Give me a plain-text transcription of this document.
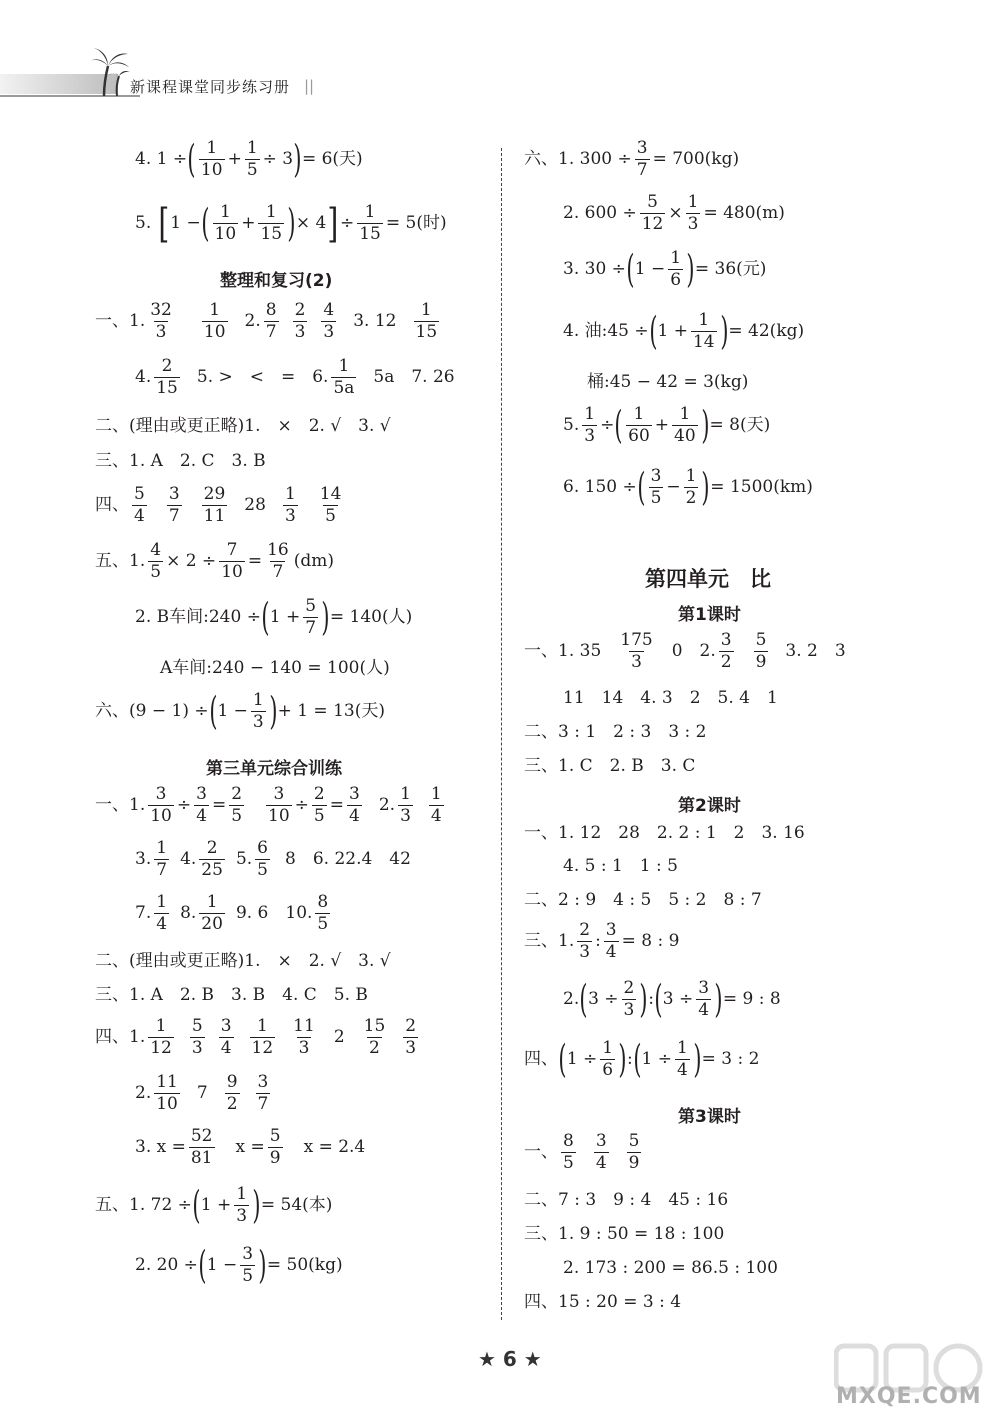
新课程课堂同步练习册 ||
4. 1 ÷ ( $\frac{1}{10} + \frac{1}{5} \div 3$ ) = 6(天)
5.
[ 1 − ( $\frac{1}{10} + \frac{1}{15}$ ) × 4 ] ÷ $\frac{1}{15} = 5$(时)
整理和复习(2)
一、1. $\frac{32}{3} \frac{1}{10} 2$. $\frac{8}{7} \frac{2}{3} \frac{4}{3} 3$. $12 \frac{1}{15}$
4. $\frac{2}{15} 5$. >　<　=　6. $\frac{1}{5a} 5a$　7. 26
二、(理由或更正略)1.　×　2. √　3. √
三、1. A　2. C　3. B
四、 $\frac{5}{4} \frac{3}{7} \frac{29}{11} 28 \frac{1}{3} \frac{14}{5}$
五、1. $\frac{4}{5} \times 2 \div \frac{7}{10} = \frac{16}{7} (dm)$
2. B车间:240 ÷ ( $1 + \frac{5}{7}$ ) = 140(人)
A车间:240 − 140 = 100(人)
六、(9 − 1) ÷ ( $1 - \frac{1}{3}$ ) + 1 = 13(天)
第三单元综合训练
一、1. $\frac{3}{10} \div \frac{3}{4} = \frac{2}{5} \frac{3}{10} \div \frac{2}{5} = \frac{3}{4} 2$. $\frac{1}{3} \frac{1}{4}$
3. $\frac{1}{7} 4$. $\frac{2}{25} 5$. $\frac{6}{5} 8$　6. 22.4　42
7. $\frac{1}{4} 8$. $\frac{1}{20} 9$. 6　10. $\frac{8}{5}$
二、(理由或更正略)1.　×　2. √　3. √
三、1. A　2. B　3. B　4. C　5. B
四、1. $\frac{1}{12} \frac{5}{3} \frac{3}{4} \frac{1}{12} \frac{11}{3} 2 \frac{15}{2} \frac{2}{3}$
2. $\frac{11}{10} 7 \frac{9}{2} \frac{3}{7}$
3. $x = \frac{52}{81}$ $x = \frac{5}{9}$ x = 2.4
五、1. 72 ÷ ( $1 + \frac{1}{3}$ ) = 54(本)
2. 20 ÷ ( $1 - \frac{3}{5}$ ) = 50(kg)
六、1. $300 \div \frac{3}{7} = 700(kg)$
2. $600 \div \frac{5}{12} \times \frac{1}{3} = 480(m)$
3. 30 ÷ ( $1 - \frac{1}{6}$ ) = 36(元)
4. 油:45 ÷ ( $1 + \frac{1}{14}$ ) = 42(kg)
桶:45 − 42 = 3(kg)
5. $\frac{1}{3}$ ÷ ( $\frac{1}{60} + \frac{1}{40}$ ) = 8(天)
6. 150 ÷ ( $\frac{3}{5} - \frac{1}{2}$ ) = 1500(km)
第四单元　比
第1课时
一、1. $35 \frac{175}{3} 0$　2. $\frac{3}{2} \frac{5}{9} 3$. 2　3
11　14　4. 3　2　5. 4　1
二、3 : 1　2 : 3　3 : 2
三、1. C　2. B　3. C
第2课时
一、1. 12　28　2. 2 : 1　2　3. 16
4. 5 : 1　1 : 5
二、2 : 9　4 : 5　5 : 2　8 : 7
三、1. $\frac{2}{3}$ : $\frac{3}{4} = 8$ : 9
2. ( $3 \div \frac{2}{3}$ ) : ( $3 \div \frac{3}{4}$ ) = 9 : 8
四、 ( $1 \div \frac{1}{6}$ ) : ( $1 \div \frac{1}{4}$ ) = 3 : 2
第3课时
一、 $\frac{8}{5} \frac{3}{4} \frac{5}{9}$
二、7 : 3　9 : 4　45 : 16
三、1. 9 : 50 = 18 : 100
2. 173 : 200 = 86.5 : 100
四、15 : 20 = 3 : 4
★ 6 ★
MXQE.COM
